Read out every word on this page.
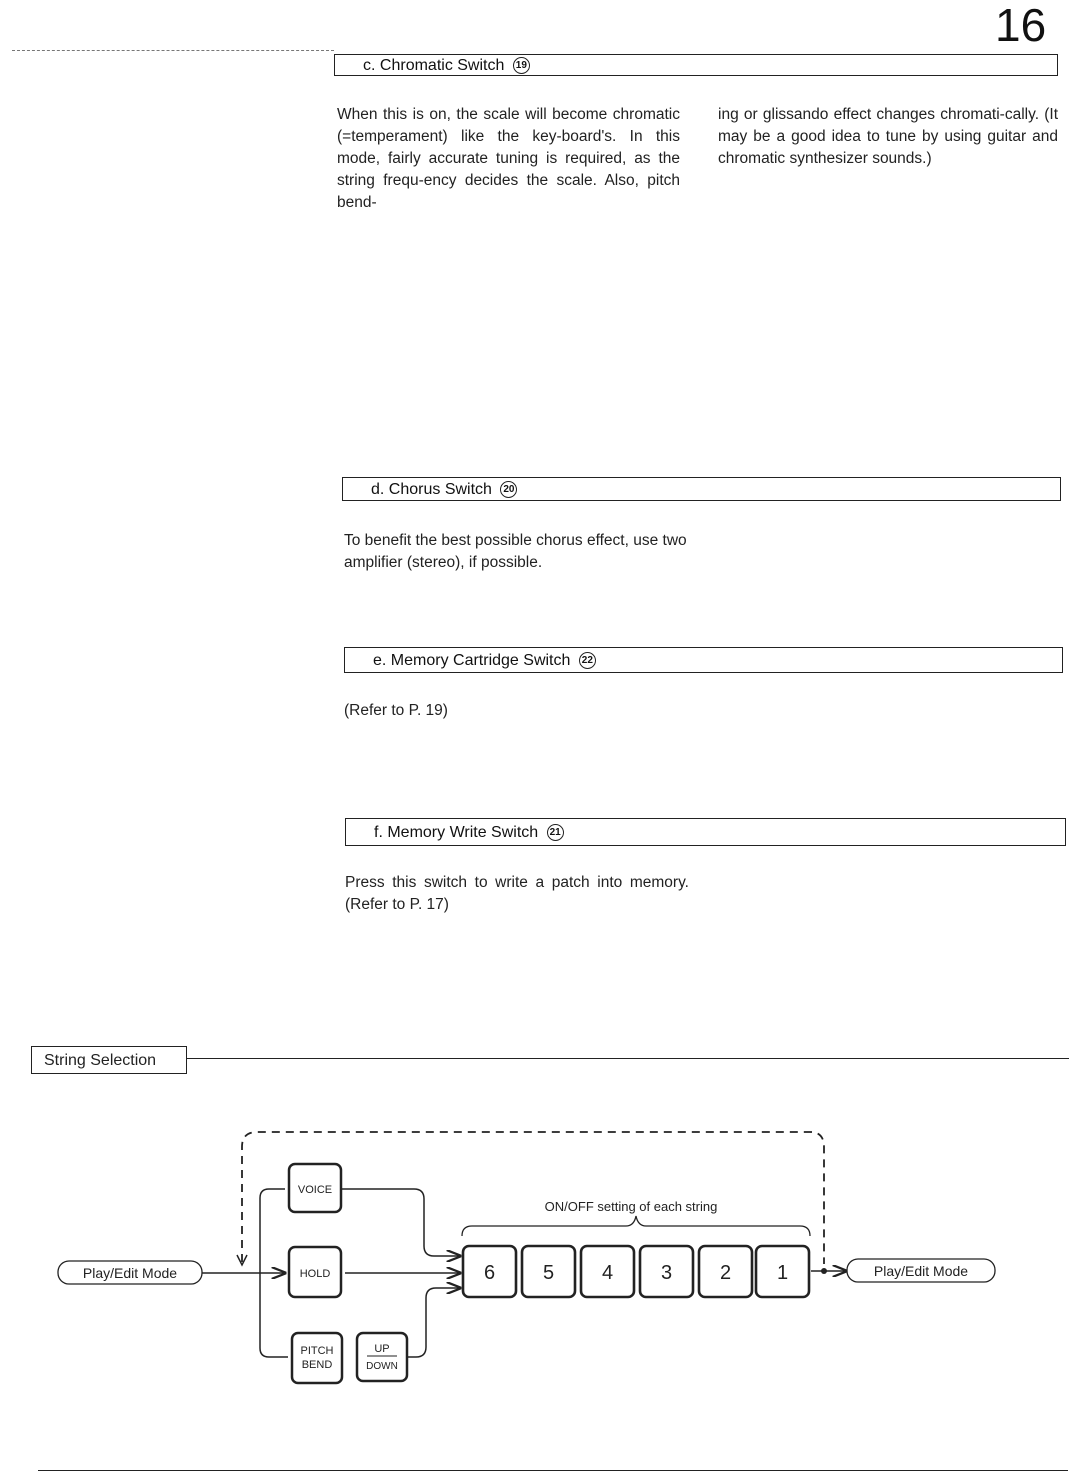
16
c. Chromatic Switch 19
When this is on, the scale will become chromatic (=temperament) like the key-board's. In this mode, fairly accurate tuning is required, as the string frequ-ency decides the scale. Also, pitch bend-
ing or glissando effect changes chromati-cally. (It may be a good idea to tune by using guitar and chromatic synthesizer sounds.)
d. Chorus Switch 20
To benefit the best possible chorus effect, use two amplifier (stereo), if possible.
e. Memory Cartridge Switch 22
(Refer to P. 19)
f. Memory Write Switch 21
Press this switch to write a patch into memory. (Refer to P. 17)
String Selection
Play/Edit Mode
VOICE
HOLD
PITCH
BEND
UP
DOWN
ON/OFF setting of each string
6 5 4 3 2 1	Play/Edit Mode
